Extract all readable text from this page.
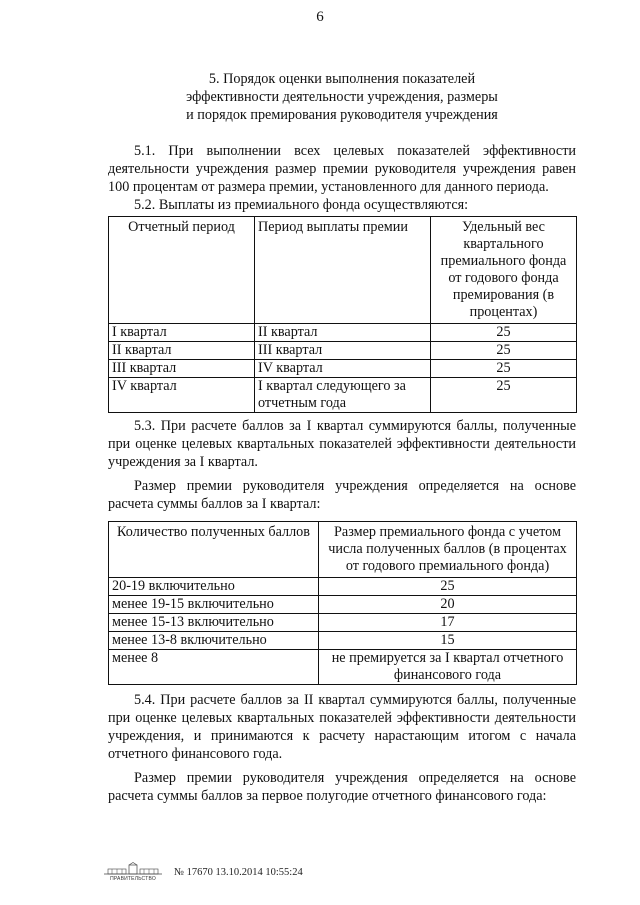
6
5. Порядок оценки выполнения показателей
эффективности деятельности учреждения, размеры
и порядок премирования руководителя учреждения

5.1. При выполнении всех целевых показателей эффективности деятельности учреждения размер премии руководителя учреждения равен 100 процентам от размера премии, установленного для данного периода.

5.2. Выплаты из премиального фонда осуществляются:

Отчетный период	Период выплаты премии	Удельный вес квартального премиального фонда от годового фонда премирования (в процентах)
I квартал	II квартал	25
II квартал	III квартал	25
III квартал	IV квартал	25
IV квартал	I квартал следующего за отчетным года	25

5.3. При расчете баллов за I квартал суммируются баллы, полученные при оценке целевых квартальных показателей эффективности деятельности учреждения за I квартал.

Размер премии руководителя учреждения определяется на основе расчета суммы баллов за I квартал:

Количество полученных баллов	Размер премиального фонда с учетом числа полученных баллов (в процентах от годового премиального фонда)
20-19 включительно	25
менее 19-15 включительно	20
менее 15-13 включительно	17
менее 13-8 включительно	15
менее 8	не премируется за I квартал отчетного финансового года

5.4. При расчете баллов за II квартал суммируются баллы, полученные при оценке целевых квартальных показателей эффективности деятельности учреждения, и принимаются к расчету нарастающим итогом с начала отчетного финансового года.

Размер премии руководителя учреждения определяется на основе расчета суммы баллов за первое полугодие отчетного финансового года:

ПРАВИТЕЛЬСТВО
№ 17670 13.10.2014 10:55:24
